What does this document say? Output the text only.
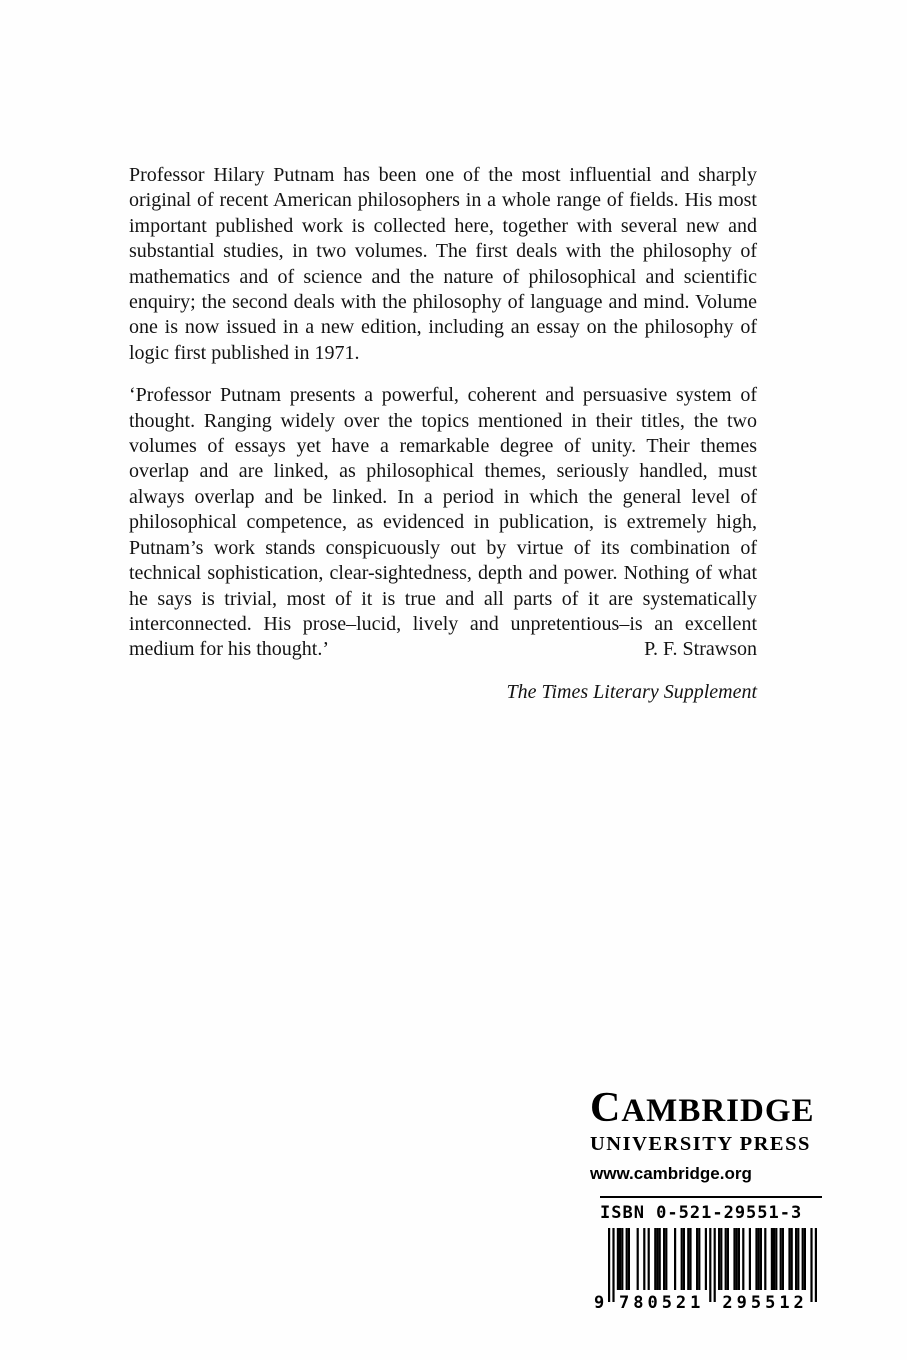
Professor Hilary Putnam has been one of the most influential and sharply original of recent American philosophers in a whole range of fields. His most important published work is collected here, together with several new and substantial studies, in two volumes. The first deals with the philosophy of mathematics and of science and the nature of philosophical and scientific enquiry; the second deals with the philosophy of language and mind. Volume one is now issued in a new edition, including an essay on the philosophy of logic first published in 1971.

‘Professor Putnam presents a powerful, coherent and persuasive system of thought. Ranging widely over the topics mentioned in their titles, the two volumes of essays yet have a remarkable degree of unity. Their themes overlap and are linked, as philosophical themes, seriously handled, must always overlap and be linked. In a period in which the general level of philosophical competence, as evidenced in publication, is extremely high, Putnam’s work stands conspicuously out by virtue of its combination of technical sophistication, clear-sightedness, depth and power. Nothing of what he says is trivial, most of it is true and all parts of it are systematically interconnected. His prose–lucid, lively and unpretentious–is an excellent medium for his thought.’	P. F. Strawson

The Times Literary Supplement
CAMBRIDGE
UNIVERSITY PRESS
www.cambridge.org
ISBN 0-521-29551-3
9 780521 295512
